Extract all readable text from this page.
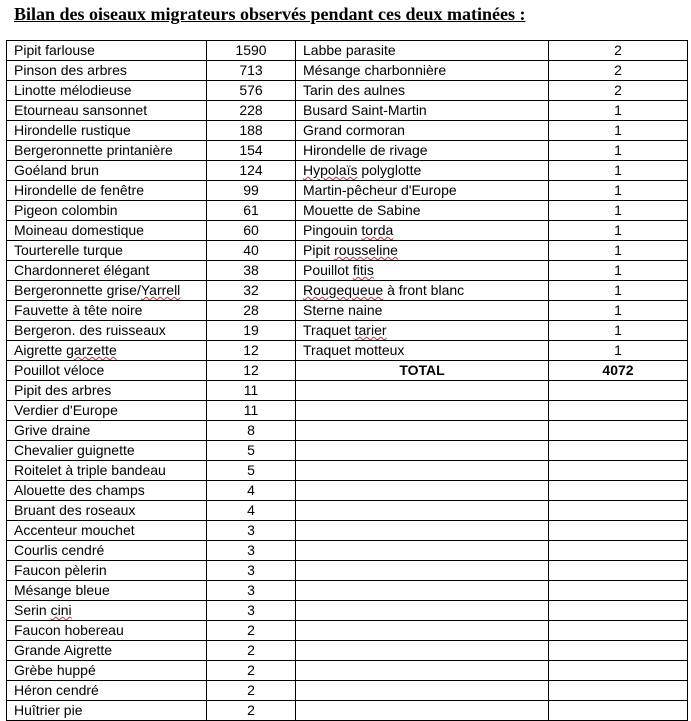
Bilan des oiseaux migrateurs observés pendant ces deux matinées :
Pipit farlouse	1590	Labbe parasite	2
Pinson des arbres	713	Mésange charbonnière	2
Linotte mélodieuse	576	Tarin des aulnes	2
Etourneau sansonnet	228	Busard Saint-Martin	1
Hirondelle rustique	188	Grand cormoran	1
Bergeronnette printanière	154	Hirondelle de rivage	1
Goéland brun	124	Hypolaïs polyglotte	1
Hirondelle de fenêtre	99	Martin-pêcheur d'Europe	1
Pigeon colombin	61	Mouette de Sabine	1
Moineau domestique	60	Pingouin torda	1
Tourterelle turque	40	Pipit rousseline	1
Chardonneret élégant	38	Pouillot fitis	1
Bergeronnette grise/Yarrell	32	Rougequeue à front blanc	1
Fauvette à tête noire	28	Sterne naine	1
Bergeron. des ruisseaux	19	Traquet tarier	1
Aigrette garzette	12	Traquet motteux	1
Pouillot véloce	12	TOTAL	4072
Pipit des arbres	11		
Verdier d'Europe	11		
Grive draine	8		
Chevalier guignette	5		
Roitelet à triple bandeau	5		
Alouette des champs	4		
Bruant des roseaux	4		
Accenteur mouchet	3		
Courlis cendré	3		
Faucon pèlerin	3		
Mésange bleue	3		
Serin cini	3		
Faucon hobereau	2		
Grande Aigrette	2		
Grèbe huppé	2		
Héron cendré	2		
Huîtrier pie	2		
